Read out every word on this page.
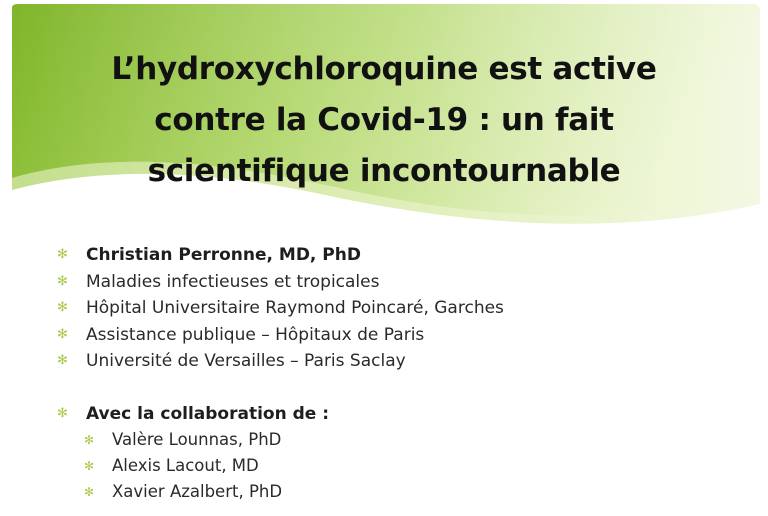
L’hydroxychloroquine est active
contre la Covid-19 : un fait
scientifique incontournable
✻ Christian Perronne, MD, PhD
✻ Maladies infectieuses et tropicales
✻ Hôpital Universitaire Raymond Poincaré, Garches
✻ Assistance publique – Hôpitaux de Paris
✻ Université de Versailles – Paris Saclay
✻ Avec la collaboration de :
✻ Valère Lounnas, PhD
✻ Alexis Lacout, MD
✻ Xavier Azalbert, PhD
